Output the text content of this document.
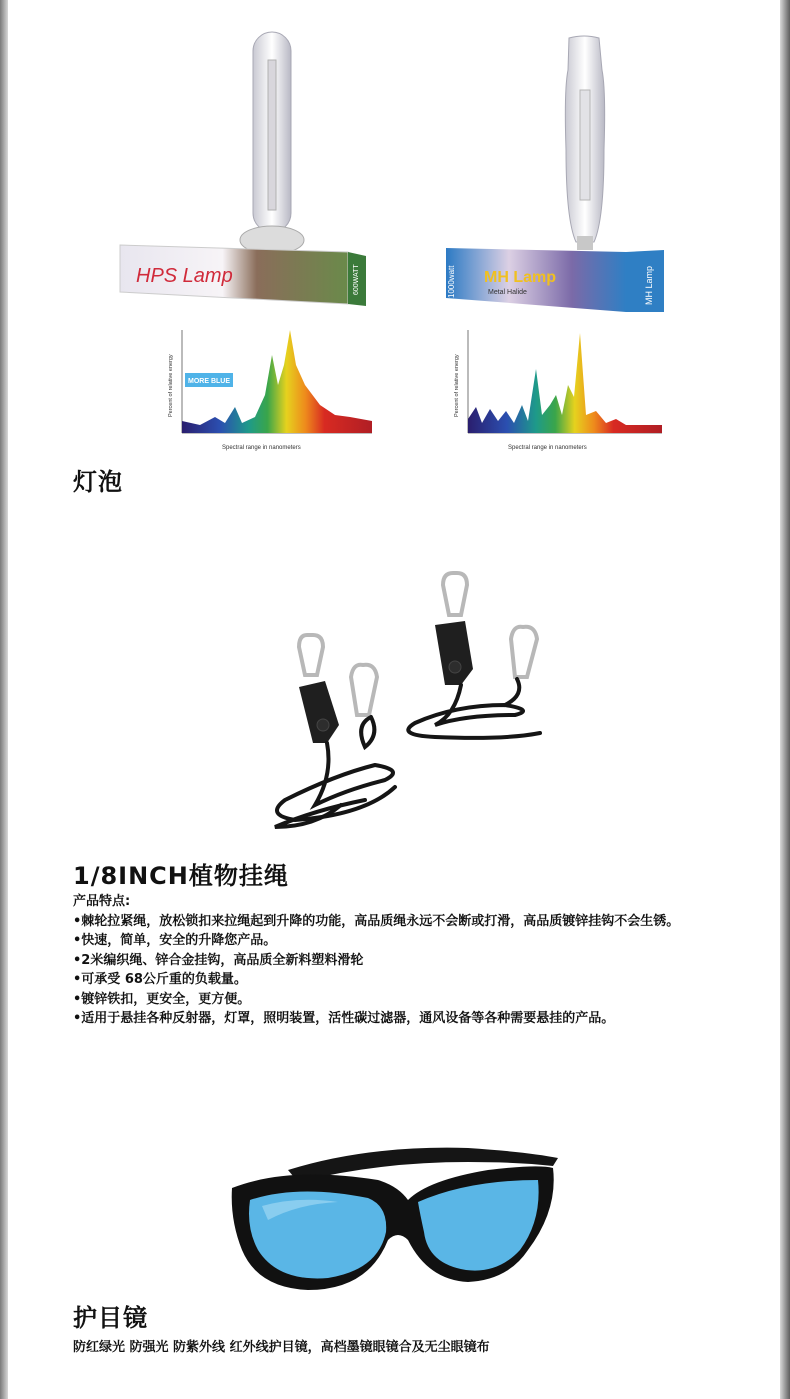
HPS Lamp	600WATT	MH Lamp
Metal Halide
1000watt	MH Lamp
MORE BLUE
Percent of relative energy
Spectral range in nanometers
Percent of relative energy
Spectral range in nanometers
灯泡
1/8INCH植物挂绳
产品特点:
•棘轮拉紧绳，放松锁扣来拉绳起到升降的功能，高品质绳永远不会断或打滑，高品质镀锌挂钩不会生锈。
•快速，简单，安全的升降您产品。
•2米编织绳、锌合金挂钩，高品质全新料塑料滑轮
•可承受 68公斤重的负载量。
•镀锌铁扣，更安全，更方便。
•适用于悬挂各种反射器，灯罩，照明装置，活性碳过滤器，通风设备等各种需要悬挂的产品。
护目镜
防红绿光 防强光 防紫外线 红外线护目镜，高档墨镜眼镜合及无尘眼镜布
